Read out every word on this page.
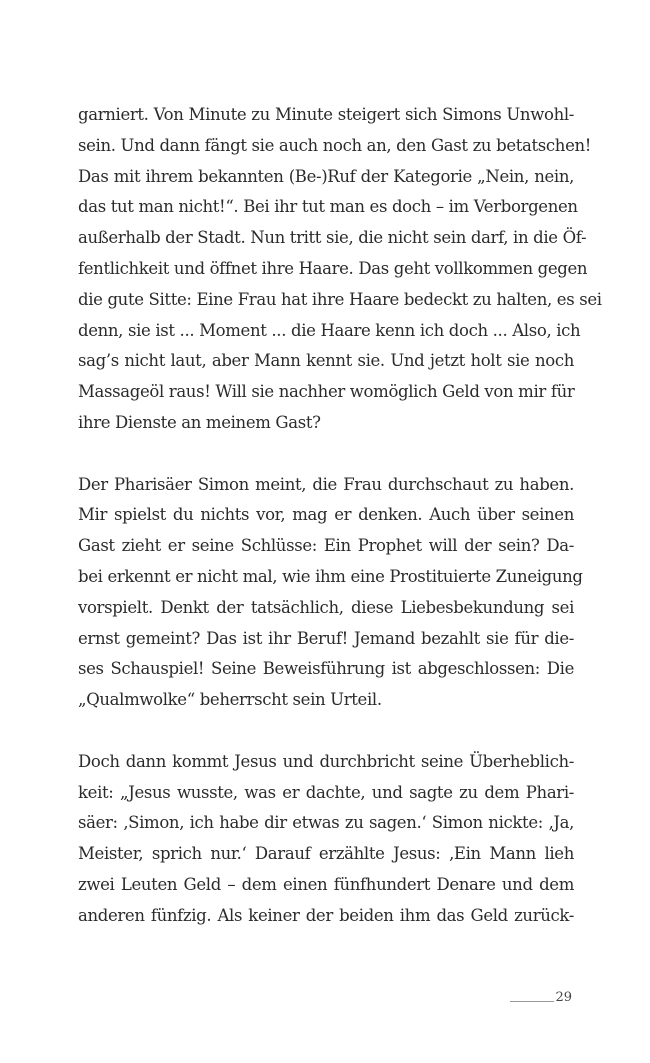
garniert. Von Minute zu Minute steigert sich Simons Unwohl-
sein. Und dann fängt sie auch noch an, den Gast zu betatschen!
Das mit ihrem bekannten (Be-)Ruf der Kategorie „Nein, nein,
das tut man nicht!“. Bei ihr tut man es doch – im Verborgenen
außerhalb der Stadt. Nun tritt sie, die nicht sein darf, in die Öf-
fentlichkeit und öffnet ihre Haare. Das geht vollkommen gegen
die gute Sitte: Eine Frau hat ihre Haare bedeckt zu halten, es sei
denn, sie ist ... Moment ... die Haare kenn ich doch ... Also, ich
sag’s nicht laut, aber Mann kennt sie. Und jetzt holt sie noch
Massageöl raus! Will sie nachher womöglich Geld von mir für
ihre Dienste an meinem Gast?
Der Pharisäer Simon meint, die Frau durchschaut zu haben.
Mir spielst du nichts vor, mag er denken. Auch über seinen
Gast zieht er seine Schlüsse: Ein Prophet will der sein? Da-
bei erkennt er nicht mal, wie ihm eine Prostituierte Zuneigung
vorspielt. Denkt der tatsächlich, diese Liebesbekundung sei
ernst gemeint? Das ist ihr Beruf! Jemand bezahlt sie für die-
ses Schauspiel! Seine Beweisführung ist abgeschlossen: Die
„Qualmwolke“ beherrscht sein Urteil.
Doch dann kommt Jesus und durchbricht seine Überheblich-
keit: „Jesus wusste, was er dachte, und sagte zu dem Phari-
säer: ‚Simon, ich habe dir etwas zu sagen.‘ Simon nickte: ‚Ja,
Meister, sprich nur.‘ Darauf erzählte Jesus: ‚Ein Mann lieh
zwei Leuten Geld – dem einen fünfhundert Denare und dem
anderen fünfzig. Als keiner der beiden ihm das Geld zurück-
29
